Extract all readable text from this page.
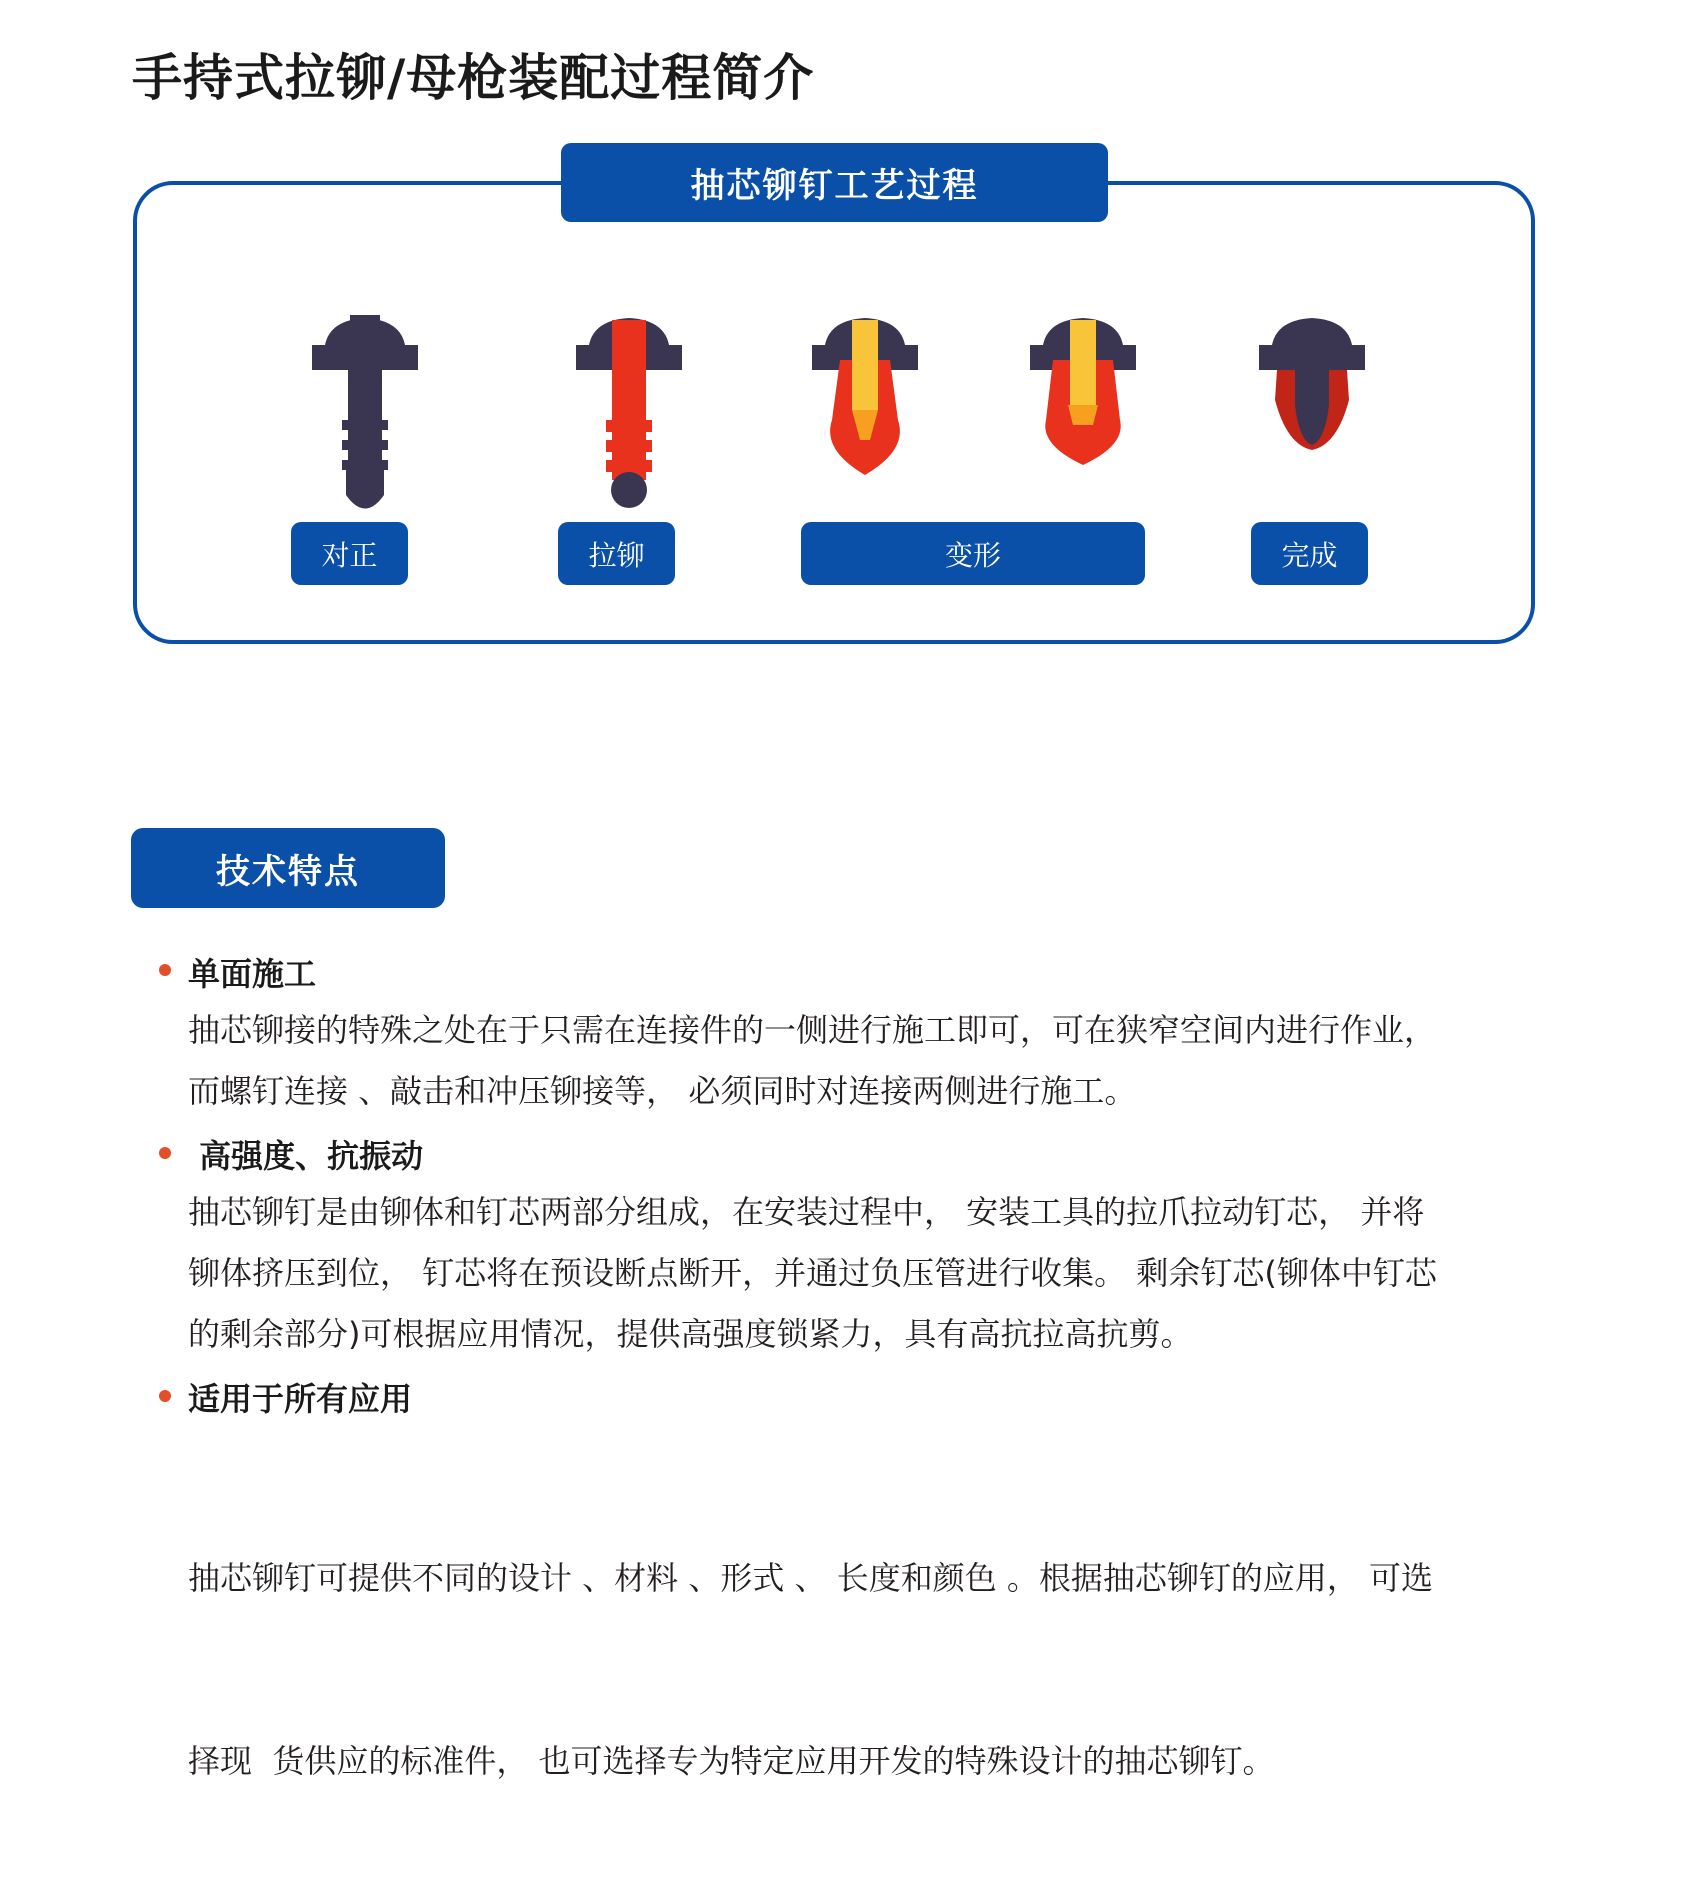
手持式拉铆/母枪装配过程简介
抽芯铆钉工艺过程
对正	拉铆	变形	完成
技术特点
单面施工
抽芯铆接的特殊之处在于只需在连接件的一侧进行施工即可，可在狭窄空间内进行作业，
而螺钉连接 、敲击和冲压铆接等， 必须同时对连接两侧进行施工。
高强度、抗振动
抽芯铆钉是由铆体和钉芯两部分组成，在安装过程中， 安装工具的拉爪拉动钉芯， 并将
铆体挤压到位， 钉芯将在预设断点断开，并通过负压管进行收集。 剩余钉芯(铆体中钉芯
的剩余部分)可根据应用情况，提供高强度锁紧力，具有高抗拉高抗剪。
适用于所有应用

抽芯铆钉可提供不同的设计 、材料 、形式 、 长度和颜色 。根据抽芯铆钉的应用， 可选

择现  货供应的标准件， 也可选择专为特定应用开发的特殊设计的抽芯铆钉。
